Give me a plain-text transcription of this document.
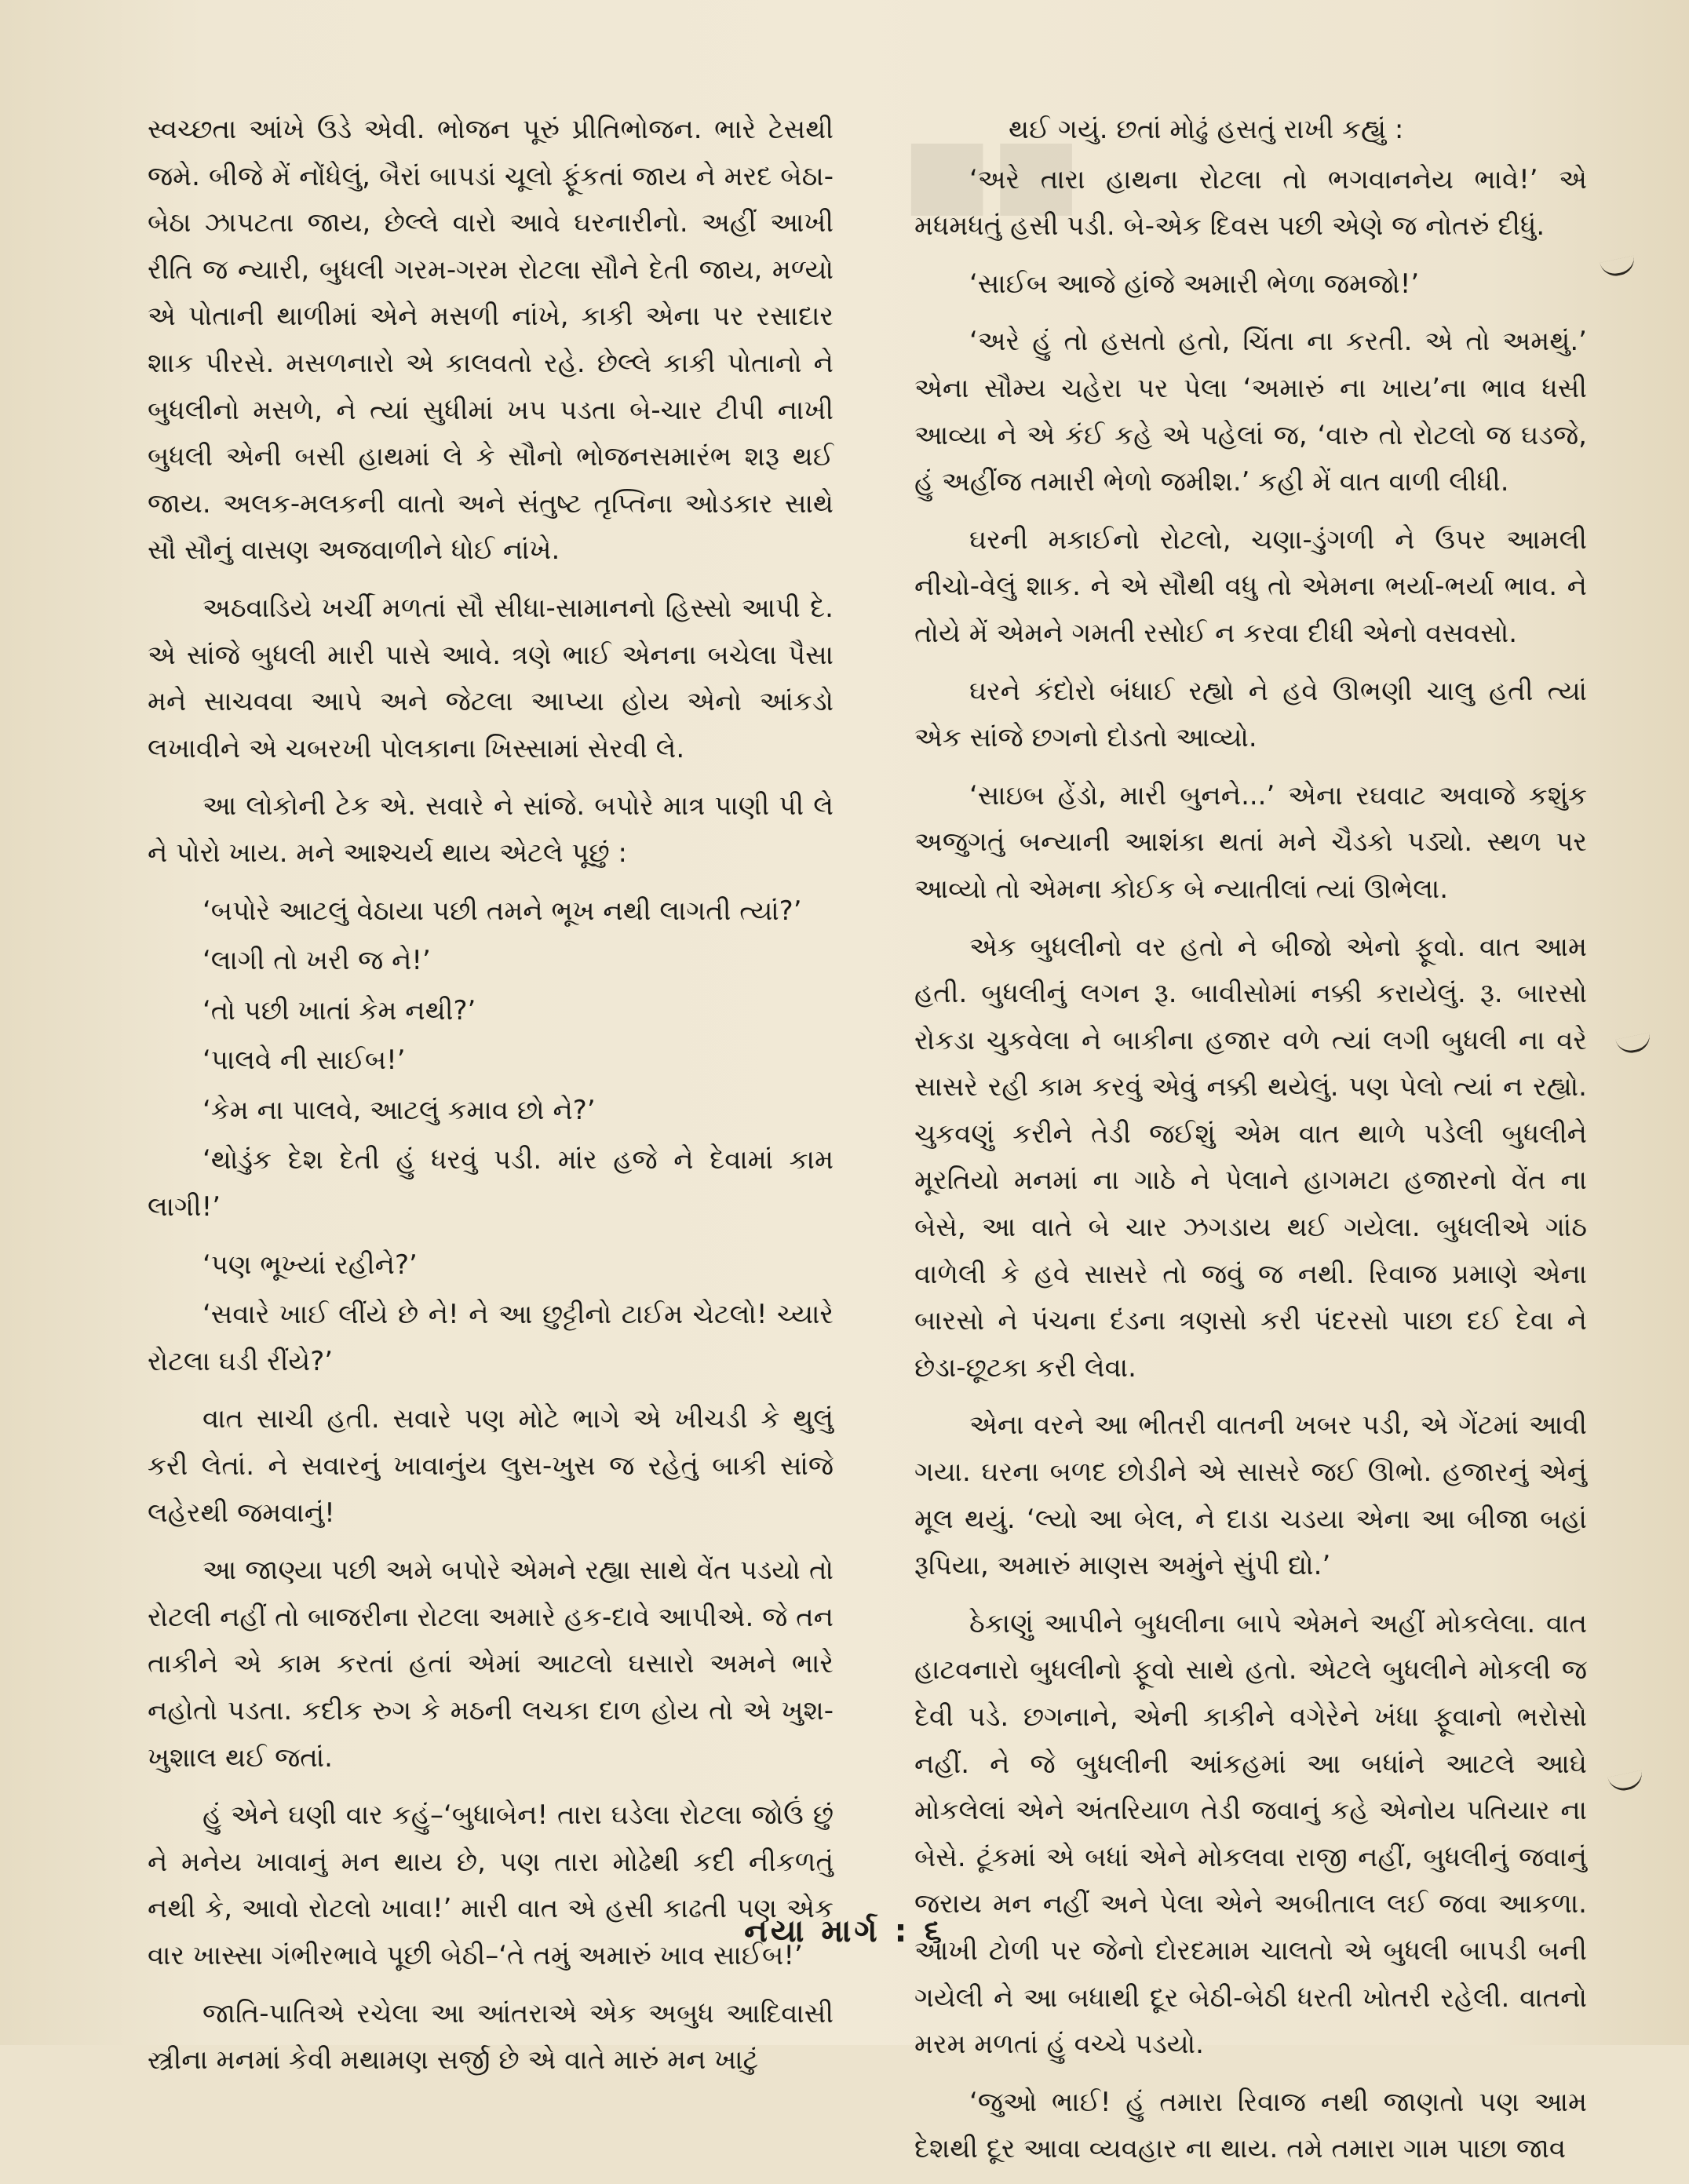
■■

સ્વચ્છતા આંખે ઉડે એવી. ભોજન પૂરું પ્રીતિભોજન. ભારે ટેસથી જમે. બીજે મેં નોંધેલું, બૈરાં બાપડાં ચૂલો ફૂંકતાં જાય ને મરદ બેઠા-બેઠા ઝાપટતા જાય, છેલ્લે વારો આવે ઘરનારીનો. અહીં આખી રીતિ જ ન્યારી, બુધલી ગરમ-ગરમ રોટલા સૌને દેતી જાય, મળ્યો એ પોતાની થાળીમાં એને મસળી નાંખે, કાકી એના પર રસાદાર શાક પીરસે. મસળનારો એ કાલવતો રહે. છેલ્લે કાકી પોતાનો ને બુધલીનો મસળે, ને ત્યાં સુધીમાં ખપ પડતા બે-ચાર ટીપી નાખી બુધલી એની બસી હાથમાં લે કે સૌનો ભોજનસમારંભ શરૂ થઈ જાય. અલક-મલકની વાતો અને સંતુષ્ટ તૃપ્તિના ઓડકાર સાથે સૌ સૌનું વાસણ અજવાળીને ધોઈ નાંખે.

અઠવાડિયે ખર્ચી મળતાં સૌ સીધા-સામાનનો હિસ્સો આપી દે. એ સાંજે બુધલી મારી પાસે આવે. ત્રણે ભાઈ એનના બચેલા પૈસા મને સાચવવા આપે અને જેટલા આપ્યા હોય એનો આંકડો લખાવીને એ ચબરખી પોલકાના ખિસ્સામાં સેરવી લે.

આ લોકોની ટેક એ. સવારે ને સાંજે. બપોરે માત્ર પાણી પી લે ને પોરો ખાય. મને આશ્ચર્ય થાય એટલે પૂછું :

‘બપોરે આટલું વેઠાયા પછી તમને ભૂખ નથી લાગતી ત્યાં?’

‘લાગી તો ખરી જ ને!’

‘તો પછી ખાતાં કેમ નથી?’

‘પાલવે ની સાઈબ!’

‘કેમ ના પાલવે, આટલું કમાવ છો ને?’

‘થોડુંક દેશ દેતી હું ધરવું પડી. માંર હજે ને દેવામાં કામ લાગી!’

‘પણ ભૂખ્યાં રહીને?’

‘સવારે ખાઈ લીંયે છે ને! ને આ છુટ્ટીનો ટાઈમ ચેટલો! ચ્યારે રોટલા ઘડી રીંયે?’

વાત સાચી હતી. સવારે પણ મોટે ભાગે એ ખીચડી કે થુલું કરી લેતાં. ને સવારનું ખાવાનુંય લુસ-ખુસ જ રહેતું બાકી સાંજે લહેરથી જમવાનું!

આ જાણ્યા પછી અમે બપોરે એમને રહ્યા સાથે વેંત પડયો તો રોટલી નહીં તો બાજરીના રોટલા અમારે હક-દાવે આપીએ. જે તન તાકીને એ કામ કરતાં હતાં એમાં આટલો ઘસારો અમને ભારે નહોતો પડતા. કદીક રુગ કે મઠની લચકા દાળ હોય તો એ ખુશ-ખુશાલ થઈ જતાં.

હું એને ઘણી વાર કહું–‘બુધાબેન! તારા ઘડેલા રોટલા જોઉં છું ને મનેય ખાવાનું મન થાય છે, પણ તારા મોઢેથી કદી નીકળતું નથી કે, આવો રોટલો ખાવા!’ મારી વાત એ હસી કાઢતી પણ એક વાર ખાસ્સા ગંભીરભાવે પૂછી બેઠી–‘તે તમું અમારું ખાવ સાઈબ!’

જાતિ-પાતિએ રચેલા આ આંતરાએ એક અબુધ આદિવાસી સ્ત્રીના મનમાં કેવી મથામણ સર્જી છે એ વાતે મારું મન ખાટું

થઈ ગયું. છતાં મોઢું હસતું રાખી કહ્યું :

‘અરે તારા હાથના રોટલા તો ભગવાનનેય ભાવે!’ એ મધમધતું હસી પડી. બે-એક દિવસ પછી એણે જ નોતરું દીધું.

‘સાઈબ આજે હાંજે અમારી ભેળા જમજો!’

‘અરે હું તો હસતો હતો, ચિંતા ના કરતી. એ તો અમથું.’ એના સૌમ્ય ચહેરા પર પેલા ‘અમારું ના ખાય’ના ભાવ ધસી આવ્યા ને એ કંઈ કહે એ પહેલાં જ, ‘વારુ તો રોટલો જ ઘડજે, હું અહીંજ તમારી ભેળો જમીશ.’ કહી મેં વાત વાળી લીધી.

ઘરની મકાઈનો રોટલો, ચણા-ડુંગળી ને ઉપર આમલી નીચો-વેલું શાક. ને એ સૌથી વધુ તો એમના ભર્યા-ભર્યા ભાવ. ને તોયે મેં એમને ગમતી રસોઈ ન કરવા દીધી એનો વસવસો.

ઘરને કંદોરો બંધાઈ રહ્યો ને હવે ઊભણી ચાલુ હતી ત્યાં એક સાંજે છગનો દોડતો આવ્યો.

‘સાઇબ હેંડો, મારી બુનને...’ એના રઘવાટ અવાજે કશુંક અજુગતું બન્યાની આશંકા થતાં મને ચૈડકો પડ્યો. સ્થળ પર આવ્યો તો એમના કોઈક બે ન્યાતીલાં ત્યાં ઊભેલા.

એક બુધલીનો વર હતો ને બીજો એનો ફૂવો. વાત આમ હતી. બુધલીનું લગન રૂ. બાવીસોમાં નક્કી કરાયેલું. રૂ. બારસો રોકડા ચુકવેલા ને બાકીના હજાર વળે ત્યાં લગી બુધલી ના વરે સાસરે રહી કામ કરવું એવું નક્કી થયેલું. પણ પેલો ત્યાં ન રહ્યો. ચુકવણું કરીને તેડી જઈશું એમ વાત થાળે પડેલી બુધલીને મૂરતિયો મનમાં ના ગાઠે ને પેલાને હાગમટા હજારનો વેંત ના બેસે, આ વાતે બે ચાર ઝગડાય થઈ ગયેલા. બુધલીએ ગાંઠ વાળેલી કે હવે સાસરે તો જવું જ નથી. રિવાજ પ્રમાણે એના બારસો ને પંચના દંડના ત્રણસો કરી પંદરસો પાછા દઈ દેવા ને છેડા-છૂટકા કરી લેવા.

એના વરને આ ભીતરી વાતની ખબર પડી, એ ગેંટમાં આવી ગયા. ઘરના બળદ છોડીને એ સાસરે જઈ ઊભો. હજારનું એનું મૂલ થયું. ‘લ્યો આ બેલ, ને દાડા ચડયા એના આ બીજા બહાં રૂપિયા, અમારું માણસ અમુંને સુંપી દ્યો.’

ઠેકાણું આપીને બુધલીના બાપે એમને અહીં મોકલેલા. વાત હાટવનારો બુધલીનો ફૂવો સાથે હતો. એટલે બુધલીને મોકલી જ દેવી પડે. છગનાને, એની કાકીને વગેરેને ખંધા ફૂવાનો ભરોસો નહીં. ને જે બુધલીની આંકહમાં આ બધાંને આટલે આઘે મોકલેલાં એને અંતરિયાળ તેડી જવાનું કહે એનોય પતિયાર ના બેસે. ટૂંકમાં એ બધાં એને મોકલવા રાજી નહીં, બુધલીનું જવાનું જરાય મન નહીં અને પેલા એને અબીતાલ લઈ જવા આકળા. આખી ટોળી પર જેનો દોરદમામ ચાલતો એ બુધલી બાપડી બની ગયેલી ને આ બધાથી દૂર બેઠી-બેઠી ધરતી ખોતરી રહેલી. વાતનો મરમ મળતાં હું વચ્ચે પડયો.

‘જુઓ ભાઈ! હું તમારા રિવાજ નથી જાણતો પણ આમ દેશથી દૂર આવા વ્યવહાર ના થાય. તમે તમારા ગામ પાછા જાવ

નયા માર્ગ : ૬
